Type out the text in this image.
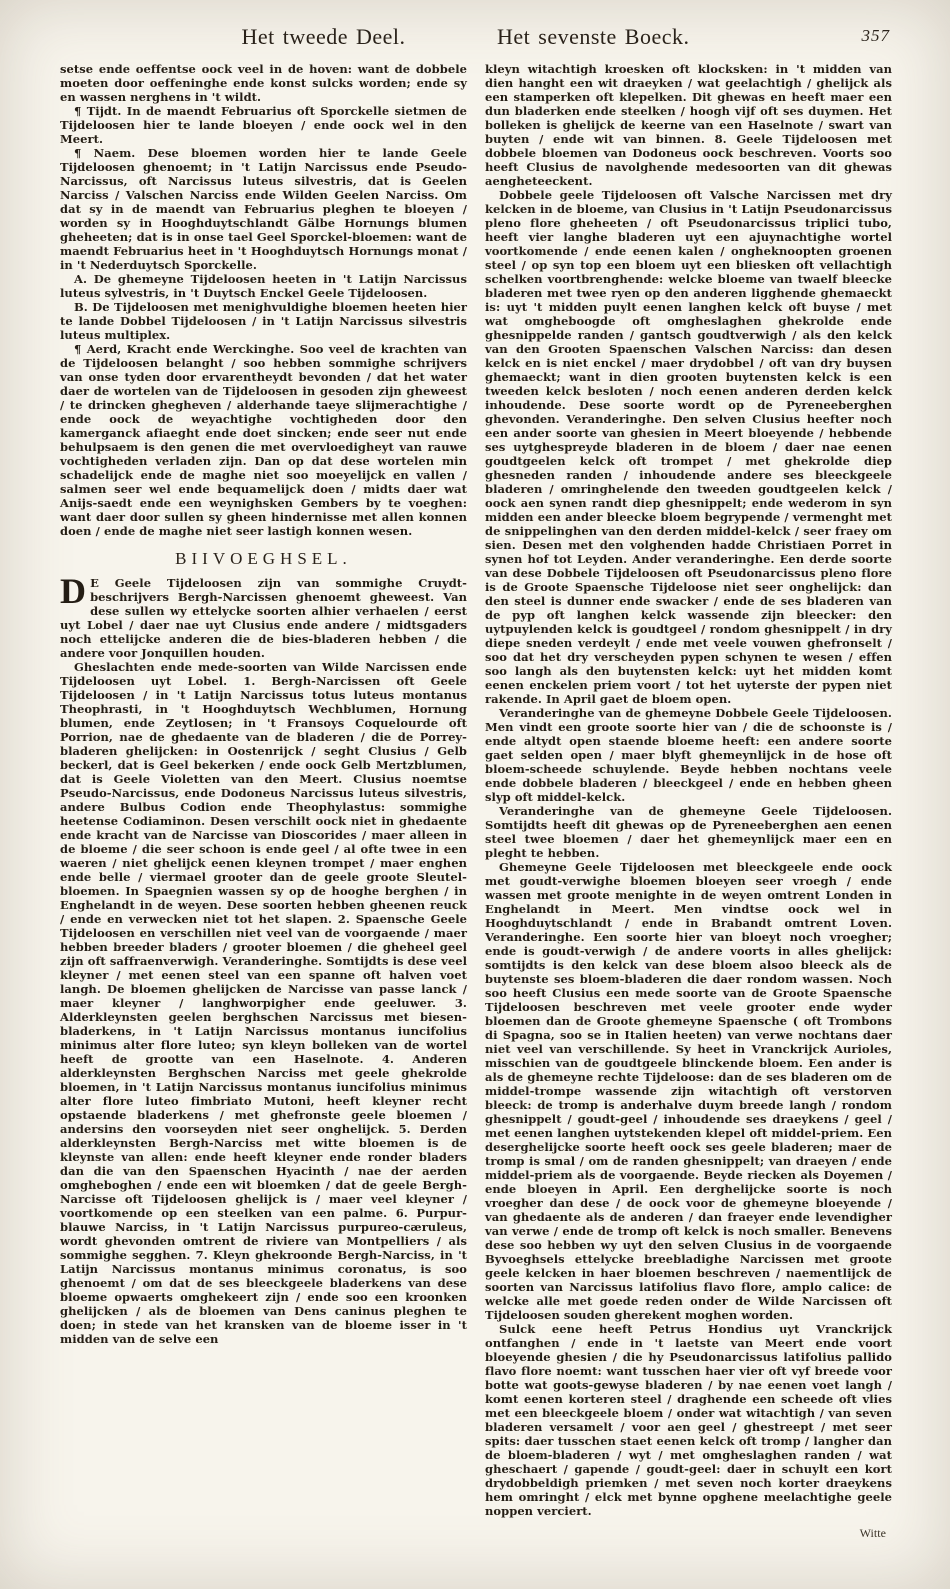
Het tweede Deel.	Het sevenste Boeck.	357

setse ende oeffentse oock veel in de hoven: want de dobbele moeten door oeffeninghe ende konst sulcks worden; ende sy en wassen nerghens in 't wildt.

¶ Tijdt. In de maendt Februarius oft Sporckelle sietmen de Tijdeloosen hier te lande bloeyen / ende oock wel in den Meert.

¶ Naem. Dese bloemen worden hier te lande Geele Tijdeloosen ghenoemt; in 't Latijn Narcissus ende Pseudo-Narcissus, oft Narcissus luteus silvestris, dat is Geelen Narciss / Valschen Narciss ende Wilden Geelen Narciss. Om dat sy in de maendt van Februarius pleghen te bloeyen / worden sy in Hooghduytschlandt Gälbe Hornungs blumen gheheeten; dat is in onse tael Geel Sporckel-bloemen: want de maendt Februarius heet in 't Hooghduytsch Hornungs monat / in 't Nederduytsch Sporckelle.

A. De ghemeyne Tijdeloosen heeten in 't Latijn Narcissus luteus sylvestris, in 't Duytsch Enckel Geele Tijdeloosen.

B. De Tijdeloosen met menighvuldighe bloemen heeten hier te lande Dobbel Tijdeloosen / in 't Latijn Narcissus silvestris luteus multiplex.

¶ Aerd, Kracht ende Werckinghe. Soo veel de krachten van de Tijdeloosen belanght / soo hebben sommighe schrijvers van onse tyden door ervarentheydt bevonden / dat het water daer de wortelen van de Tijdeloosen in gesoden zijn gheweest / te drincken ghegheven / alderhande taeye slijmerachtighe / ende oock de weyachtighe vochtigheden door den kamerganck afiaeght ende doet sincken; ende seer nut ende behulpsaem is den genen die met overvloedigheyt van rauwe vochtigheden verladen zijn. Dan op dat dese wortelen min schadelijck ende de maghe niet soo moeyelijck en vallen / salmen seer wel ende bequamelijck doen / midts daer wat Anijs-saedt ende een weynighsken Gembers by te voeghen: want daer door sullen sy gheen hindernisse met allen konnen doen / ende de maghe niet seer lastigh konnen wesen.

BIIVOEGHSEL.

D E Geele Tijdeloosen zijn van sommighe Cruydt-beschrijvers Bergh-Narcissen ghenoemt gheweest. Van dese sullen wy ettelycke soorten alhier verhaelen / eerst uyt Lobel / daer nae uyt Clusius ende andere / midtsgaders noch ettelijcke anderen die de bies-bladeren hebben / die andere voor Jonquillen houden.

Gheslachten ende mede-soorten van Wilde Narcissen ende Tijdeloosen uyt Lobel. 1. Bergh-Narcissen oft Geele Tijdeloosen / in 't Latijn Narcissus totus luteus montanus Theophrasti, in 't Hooghduytsch Wechblumen, Hornung blumen, ende Zeytlosen; in 't Fransoys Coquelourde oft Porrion, nae de ghedaente van de bladeren / die de Porrey-bladeren ghelijcken: in Oostenrijck / seght Clusius / Gelb beckerl, dat is Geel bekerken / ende oock Gelb Mertzblumen, dat is Geele Violetten van den Meert. Clusius noemtse Pseudo-Narcissus, ende Dodoneus Narcissus luteus silvestris, andere Bulbus Codion ende Theophylastus: sommighe heetense Codiaminon. Desen verschilt oock niet in ghedaente ende kracht van de Narcisse van Dioscorides / maer alleen in de bloeme / die seer schoon is ende geel / al ofte twee in een waeren / niet ghelijck eenen kleynen trompet / maer enghen ende belle / viermael grooter dan de geele groote Sleutel-bloemen. In Spaegnien wassen sy op de hooghe berghen / in Enghelandt in de weyen. Dese soorten hebben gheenen reuck / ende en verwecken niet tot het slapen. 2. Spaensche Geele Tijdeloosen en verschillen niet veel van de voorgaende / maer hebben breeder bladers / grooter bloemen / die gheheel geel zijn oft saffraenverwigh. Veranderinghe. Somtijdts is dese veel kleyner / met eenen steel van een spanne oft halven voet langh. De bloemen ghelijcken de Narcisse van passe lanck / maer kleyner / langhworpigher ende geeluwer. 3. Alderkleynsten geelen berghschen Narcissus met biesen-bladerkens, in 't Latijn Narcissus montanus iuncifolius minimus alter flore luteo; syn kleyn bolleken van de wortel heeft de grootte van een Haselnote. 4. Anderen alderkleynsten Berghschen Narciss met geele ghekrolde bloemen, in 't Latijn Narcissus montanus iuncifolius minimus alter flore luteo fimbriato Mutoni, heeft kleyner recht opstaende bladerkens / met ghefronste geele bloemen / andersins den voorseyden niet seer onghelijck. 5. Derden alderkleynsten Bergh-Narciss met witte bloemen is de kleynste van allen: ende heeft kleyner ende ronder bladers dan die van den Spaenschen Hyacinth / nae der aerden omgheboghen / ende een wit bloemken / dat de geele Bergh-Narcisse oft Tijdeloosen ghelijck is / maer veel kleyner / voortkomende op een steelken van een palme. 6. Purpur-blauwe Narciss, in 't Latijn Narcissus purpureo-cæruleus, wordt ghevonden omtrent de riviere van Montpelliers / als sommighe segghen. 7. Kleyn ghekroonde Bergh-Narciss, in 't Latijn Narcissus montanus minimus coronatus, is soo ghenoemt / om dat de ses bleeckgeele bladerkens van dese bloeme opwaerts omghekeert zijn / ende soo een kroonken ghelijcken / als de bloemen van Dens caninus pleghen te doen; in stede van het kransken van de bloeme isser in 't midden van de selve een

kleyn witachtigh kroesken oft klocksken: in 't midden van dien hanght een wit draeyken / wat geelachtigh / ghelijck als een stamperken oft klepelken. Dit ghewas en heeft maer een dun bladerken ende steelken / hoogh vijf oft ses duymen. Het bolleken is ghelijck de keerne van een Haselnote / swart van buyten / ende wit van binnen. 8. Geele Tijdeloosen met dobbele bloemen van Dodoneus oock beschreven. Voorts soo heeft Clusius de navolghende medesoorten van dit ghewas aengheteeckent.

Dobbele geele Tijdeloosen oft Valsche Narcissen met dry kelcken in de bloeme, van Clusius in 't Latijn Pseudonarcissus pleno flore gheheeten / oft Pseudonarcissus triplici tubo, heeft vier langhe bladeren uyt een ajuynachtighe wortel voortkomende / ende eenen kalen / ongheknoopten groenen steel / op syn top een bloem uyt een bliesken oft vellachtigh schelken voortbrenghende: welcke bloeme van twaelf bleecke bladeren met twee ryen op den anderen ligghende ghemaeckt is: uyt 't midden puylt eenen langhen kelck oft buyse / met wat omgheboogde oft omgheslaghen ghekrolde ende ghesnippelde randen / gantsch goudtverwigh / als den kelck van den Grooten Spaenschen Valschen Narciss: dan desen kelck en is niet enckel / maer drydobbel / oft van dry buysen ghemaeckt; want in dien grooten buytensten kelck is een tweeden kelck besloten / noch eenen anderen derden kelck inhoudende. Dese soorte wordt op de Pyreneeberghen ghevonden. Veranderinghe. Den selven Clusius heefter noch een ander soorte van ghesien in Meert bloeyende / hebbende ses uytghespreyde bladeren in de bloem / daer nae eenen goudtgeelen kelck oft trompet / met ghekrolde diep ghesneden randen / inhoudende andere ses bleeckgeele bladeren / omringhelende den tweeden goudtgeelen kelck / oock aen synen randt diep ghesnippelt; ende wederom in syn midden een ander bleecke bloem begrypende / vermenght met de snippelinghen van den derden middel-kelck / seer fraey om sien. Desen met den volghenden hadde Christiaen Porret in synen hof tot Leyden. Ander veranderinghe. Een derde soorte van dese Dobbele Tijdeloosen oft Pseudonarcissus pleno flore is de Groote Spaensche Tijdeloose niet seer onghelijck: dan den steel is dunner ende swacker / ende de ses bladeren van de pyp oft langhen kelck wassende zijn bleecker: den uytpuylenden kelck is goudtgeel / rondom ghesnippelt / in dry diepe sneden verdeylt / ende met veele vouwen ghefronselt / soo dat het dry verscheyden pypen schynen te wesen / effen soo langh als den buytensten kelck: uyt het midden komt eenen enckelen priem voort / tot het uyterste der pypen niet rakende. In April gaet de bloem open.

Veranderinghe van de ghemeyne Dobbele Geele Tijdeloosen. Men vindt een groote soorte hier van / die de schoonste is / ende altydt open staende bloeme heeft: een andere soorte gaet selden open / maer blyft ghemeynlijck in de hose oft bloem-scheede schuylende. Beyde hebben nochtans veele ende dobbele bladeren / bleeckgeel / ende en hebben gheen slyp oft middel-kelck.

Veranderinghe van de ghemeyne Geele Tijdeloosen. Somtijdts heeft dit ghewas op de Pyreneeberghen aen eenen steel twee bloemen / daer het ghemeynlijck maer een en pleght te hebben.

Ghemeyne Geele Tijdeloosen met bleeckgeele ende oock met goudt-verwighe bloemen bloeyen seer vroegh / ende wassen met groote menighte in de weyen omtrent Londen in Enghelandt in Meert. Men vindtse oock wel in Hooghduytschlandt / ende in Brabandt omtrent Loven. Veranderinghe. Een soorte hier van bloeyt noch vroegher; ende is goudt-verwigh / de andere voorts in alles ghelijck: somtijdts is den kelck van dese bloem alsoo bleeck als de buytenste ses bloem-bladeren die daer rondom wassen. Noch soo heeft Clusius een mede soorte van de Groote Spaensche Tijdeloosen beschreven met veele grooter ende wyder bloemen dan de Groote ghemeyne Spaensche ( oft Trombons di Spagna, soo se in Italien heeten) van verwe nochtans daer niet veel van verschillende. Sy heet in Vranckrijck Aurioles, misschien van de goudtgeele blinckende bloem. Een ander is als de ghemeyne rechte Tijdeloose: dan de ses bladeren om de middel-trompe wassende zijn witachtigh oft verstorven bleeck: de tromp is anderhalve duym breede langh / rondom ghesnippelt / goudt-geel / inhoudende ses draeykens / geel / met eenen langhen uytstekenden klepel oft middel-priem. Een deserghelijcke soorte heeft oock ses geele bladeren; maer de tromp is smal / om de randen ghesnippelt; van draeyen / ende middel-priem als de voorgaende. Beyde riecken als Doyemen / ende bloeyen in April. Een derghelijcke soorte is noch vroegher dan dese / de oock voor de ghemeyne bloeyende / van ghedaente als de anderen / dan fraeyer ende levendigher van verwe / ende de tromp oft kelck is noch smaller. Benevens dese soo hebben wy uyt den selven Clusius in de voorgaende Byvoeghsels ettelycke breebladighe Narcissen met groote geele kelcken in haer bloemen beschreven / naementlijck de soorten van Narcissus latifolius flavo flore, amplo calice: de welcke alle met goede reden onder de Wilde Narcissen oft Tijdeloosen souden gherekent moghen worden.

Sulck eene heeft Petrus Hondius uyt Vranckrijck ontfanghen / ende in 't laetste van Meert ende voort bloeyende ghesien / die hy Pseudonarcissus latifolius pallido flavo flore noemt: want tusschen haer vier oft vyf breede voor botte wat goots-gewyse bladeren / by nae eenen voet langh / komt eenen korteren steel / draghende een scheede oft vlies met een bleeckgeele bloem / onder wat witachtigh / van seven bladeren versamelt / voor aen geel / ghestreept / met seer spits: daer tusschen staet eenen kelck oft tromp / langher dan de bloem-bladeren / wyt / met omgheslaghen randen / wat gheschaert / gapende / goudt-geel: daer in schuylt een kort drydobbeldigh priemken / met seven noch korter draeykens hem omringht / elck met bynne opghene meelachtighe geele noppen verciert.

Witte
